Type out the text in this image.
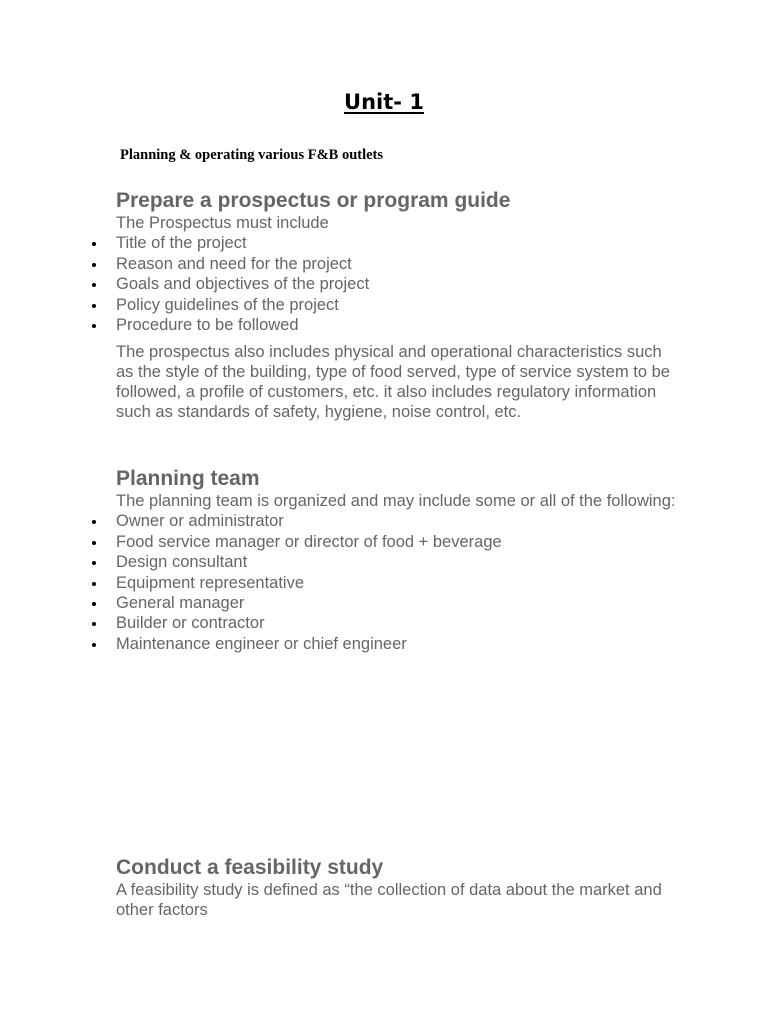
Unit- 1

Planning & operating various F&B outlets

Prepare a prospectus or program guide

The Prospectus must include

Title of the project
Reason and need for the project
Goals and objectives of the project
Policy guidelines of the project
Procedure to be followed

The prospectus also includes physical and operational characteristics such as the style of the building, type of food served, type of service system to be followed, a profile of customers, etc. it also includes regulatory information such as standards of safety, hygiene, noise control, etc.

Planning team

The planning team is organized and may include some or all of the following:

Owner or administrator
Food service manager or director of food + beverage
Design consultant
Equipment representative
General manager
Builder or contractor
Maintenance engineer or chief engineer
Conduct a feasibility study

A feasibility study is defined as “the collection of data about the market and other factors
